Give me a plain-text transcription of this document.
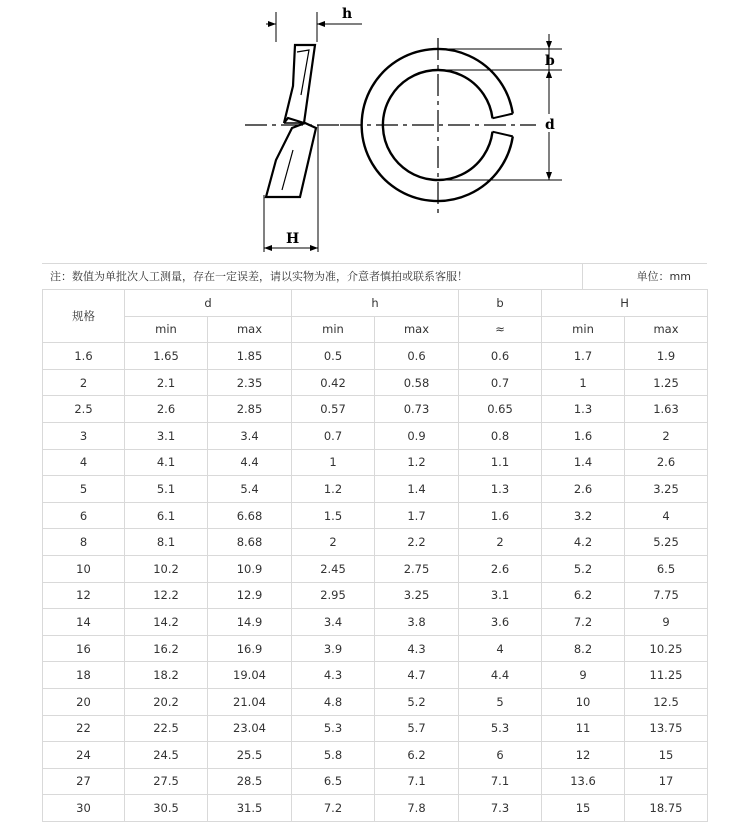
h
H
b
d
注：数值为单批次人工测量，存在一定误差，请以实物为准，介意者慎拍或联系客服！	单位：mm
规格	d		h		b	H	
	min	max	min	max	≈	min	max
1.6	1.65	1.85	0.5	0.6	0.6	1.7	1.9
2	2.1	2.35	0.42	0.58	0.7	1	1.25
2.5	2.6	2.85	0.57	0.73	0.65	1.3	1.63
3	3.1	3.4	0.7	0.9	0.8	1.6	2
4	4.1	4.4	1	1.2	1.1	1.4	2.6
5	5.1	5.4	1.2	1.4	1.3	2.6	3.25
6	6.1	6.68	1.5	1.7	1.6	3.2	4
8	8.1	8.68	2	2.2	2	4.2	5.25
10	10.2	10.9	2.45	2.75	2.6	5.2	6.5
12	12.2	12.9	2.95	3.25	3.1	6.2	7.75
14	14.2	14.9	3.4	3.8	3.6	7.2	9
16	16.2	16.9	3.9	4.3	4	8.2	10.25
18	18.2	19.04	4.3	4.7	4.4	9	11.25
20	20.2	21.04	4.8	5.2	5	10	12.5
22	22.5	23.04	5.3	5.7	5.3	11	13.75
24	24.5	25.5	5.8	6.2	6	12	15
27	27.5	28.5	6.5	7.1	7.1	13.6	17
30	30.5	31.5	7.2	7.8	7.3	15	18.75
